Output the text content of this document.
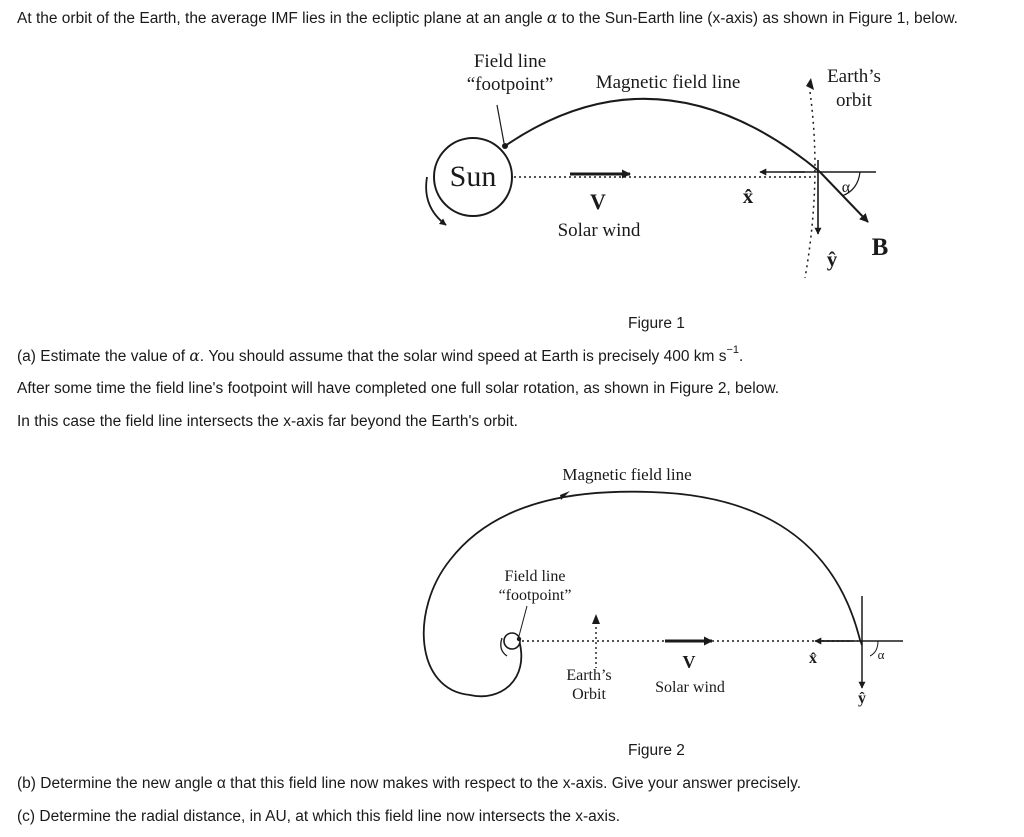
At the orbit of the Earth, the average IMF lies in the ecliptic plane at an angle α to the Sun-Earth line (x-axis) as shown in Figure 1, below.
Sun
Field line
“footpoint” Magnetic field line	Earth’s
orbit
V
Solar wind
x̂
ŷ
α
B
Figure 1
(a) Estimate the value of α. You should assume that the solar wind speed at Earth is precisely 400 km $s^{-1}$.
After some time the field line's footpoint will have completed one full solar rotation, as shown in Figure 2, below.
In this case the field line intersects the x-axis far beyond the Earth's orbit.
Magnetic field line
Field line
“footpoint”
Earth’s
Orbit
V
Solar wind
x̂
ŷ
α
Figure 2
(b) Determine the new angle α that this field line now makes with respect to the x-axis. Give your answer precisely.
(c) Determine the radial distance, in AU, at which this field line now intersects the x-axis.
